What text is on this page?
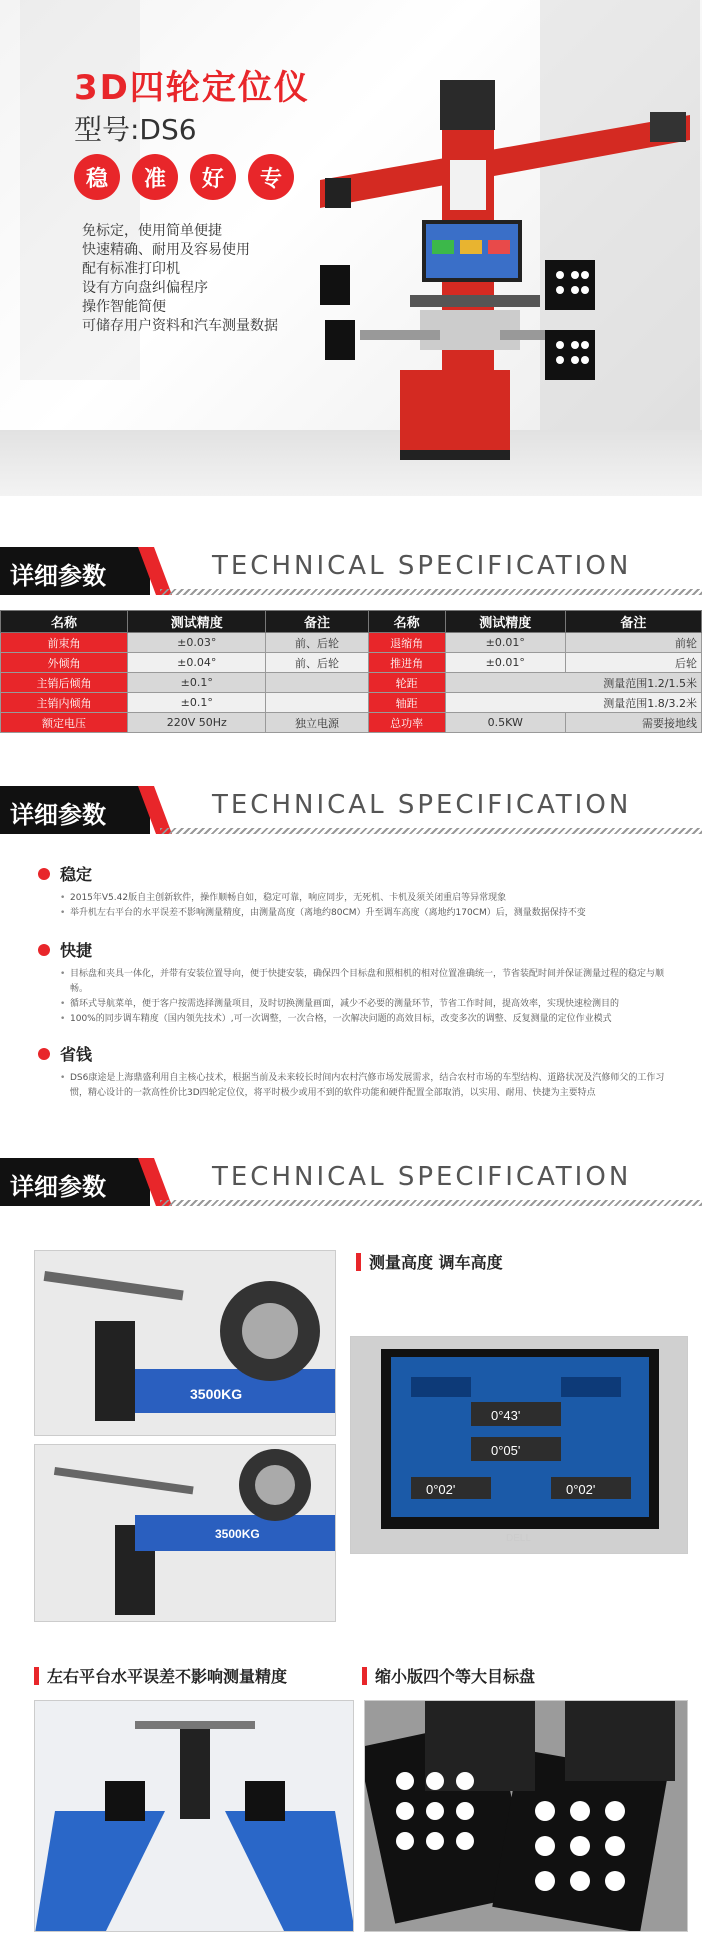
3D四轮定位仪
型号:DS6
稳	准	好	专
免标定，使用简单便捷
快速精确、耐用及容易使用
配有标准打印机
设有方向盘纠偏程序
操作智能简便
可储存用户资料和汽车测量数据
详细参数	TECHNICAL SPECIFICATION
名称	测试精度	备注	名称	测试精度	备注
前束角	±0.03°	前、后轮	退缩角	±0.01°	前轮
外倾角	±0.04°	前、后轮	推进角	±0.01°	后轮
主销后倾角	±0.1°		轮距	测量范围1.2/1.5米	
主销内倾角	±0.1°		轴距	测量范围1.8/3.2米	
额定电压	220V 50Hz	独立电源	总功率	0.5KW	需要接地线
详细参数	TECHNICAL SPECIFICATION
稳定
• 2015年V5.42版自主创新软件，操作顺畅自如，稳定可靠，响应同步，无死机、卡机及须关闭重启等异常现象
• 举升机左右平台的水平误差不影响测量精度，由测量高度（离地约80CM）升至调车高度（离地约170CM）后，测量数据保持不变
快捷
• 目标盘和夹具一体化，并带有安装位置导向，便于快捷安装，确保四个目标盘和照相机的相对位置准确统一，节省装配时间并保证测量过程的稳定与顺畅。
• 循环式导航菜单，便于客户按需选择测量项目，及时切换测量画面，减少不必要的测量环节，节省工作时间，提高效率，实现快速检测目的
• 100%的同步调车精度（国内领先技术）,可一次调整，一次合格，一次解决问题的高效目标，改变多次的调整、反复测量的定位作业模式
省钱
• DS6康途是上海鼎盛利用自主核心技术，根据当前及未来较长时间内农村汽修市场发展需求，结合农村市场的车型结构、道路状况及汽修师父的工作习惯，精心设计的一款高性价比3D四轮定位仪，将平时极少或用不到的软件功能和硬件配置全部取消，以实用、耐用、快捷为主要特点
详细参数	TECHNICAL SPECIFICATION
3500KG
3500KG
测量高度 调车高度
0°43'
0°05'
0°02'	0°02'
DELL
左右平台水平误差不影响测量精度	缩小版四个等大目标盘
